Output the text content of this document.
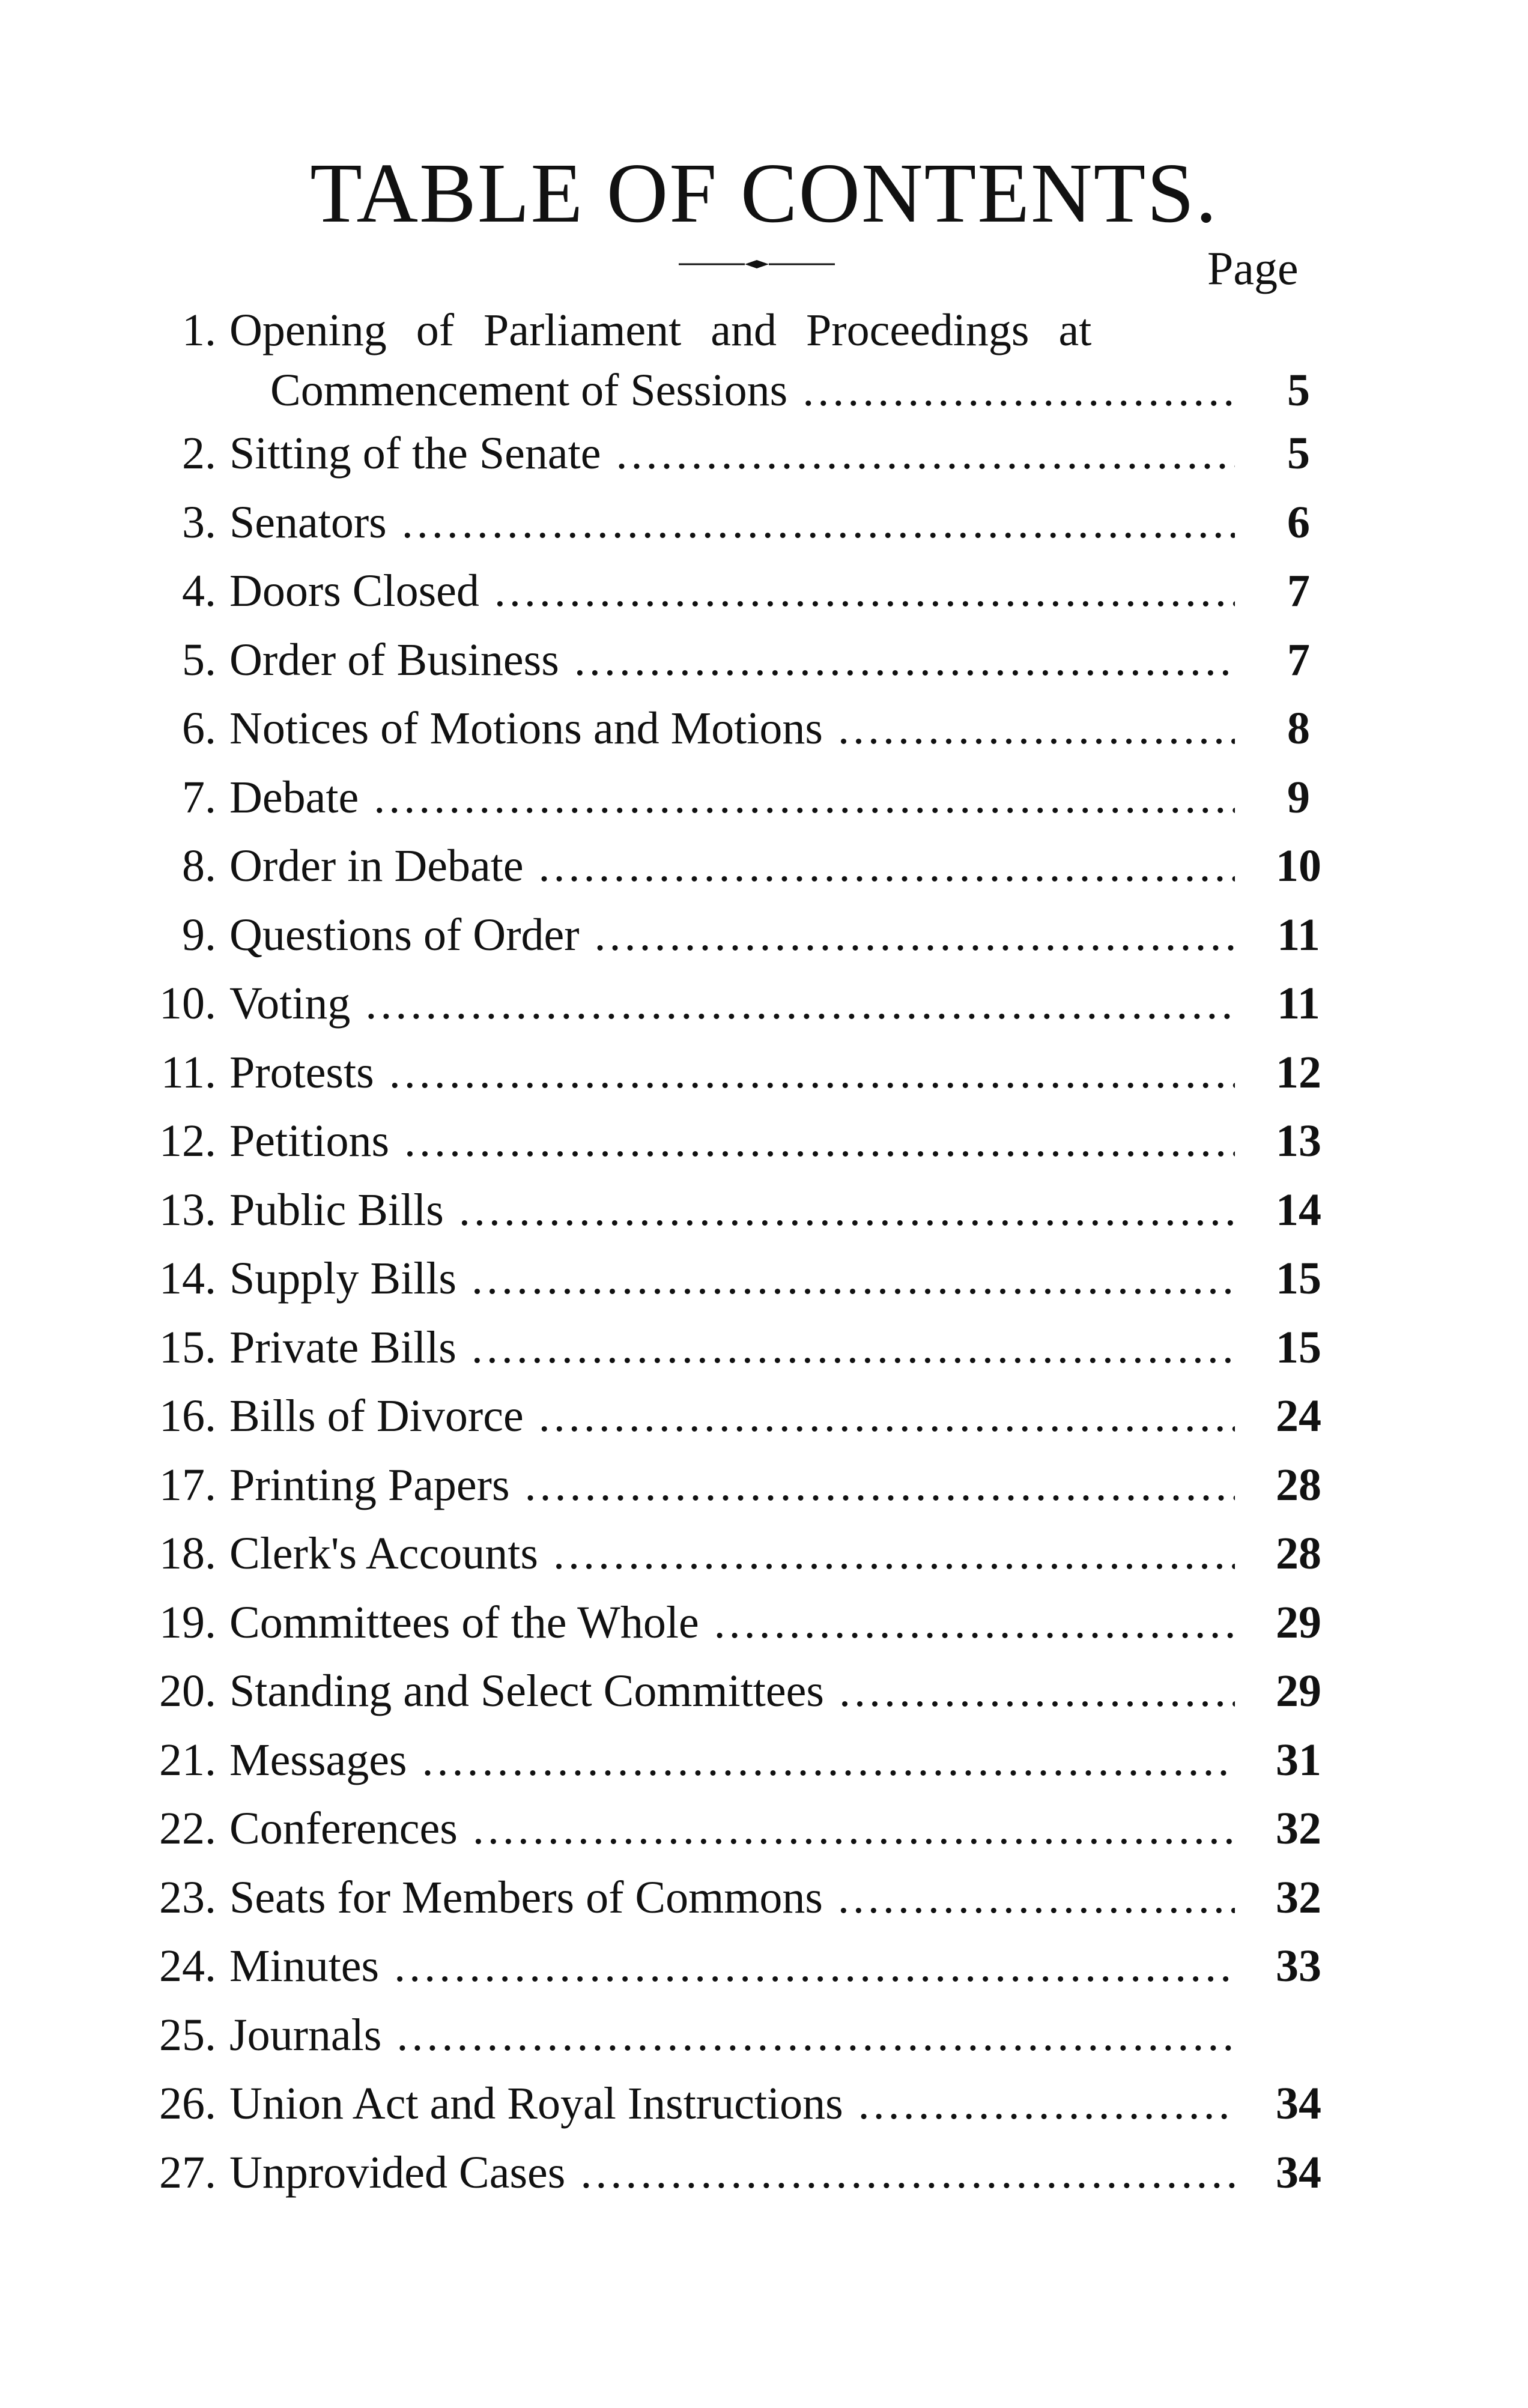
TABLE OF CONTENTS.
Page
1. Opening of Parliament and Proceedings at
Commencement of Sessions .....	5
2. Sitting of the Senate .....	5
3. Senators .....	6
4. Doors Closed .....	7
5. Order of Business .....	7
6. Notices of Motions and Motions .....	8
7. Debate .....	9
8. Order in Debate .....	10
9. Questions of Order .....	11
10. Voting .....	11
11. Protests .....	12
12. Petitions .....	13
13. Public Bills .....	14
14. Supply Bills .....	15
15. Private Bills .....	15
16. Bills of Divorce .....	24
17. Printing Papers .....	28
18. Clerk's Accounts .....	28
19. Committees of the Whole .....	29
20. Standing and Select Committees .....	29
21. Messages .....	31
22. Conferences .....	32
23. Seats for Members of Commons .....	32
24. Minutes .....	33
25. Journals .....
26. Union Act and Royal Instructions .....	34
27. Unprovided Cases .....	34
